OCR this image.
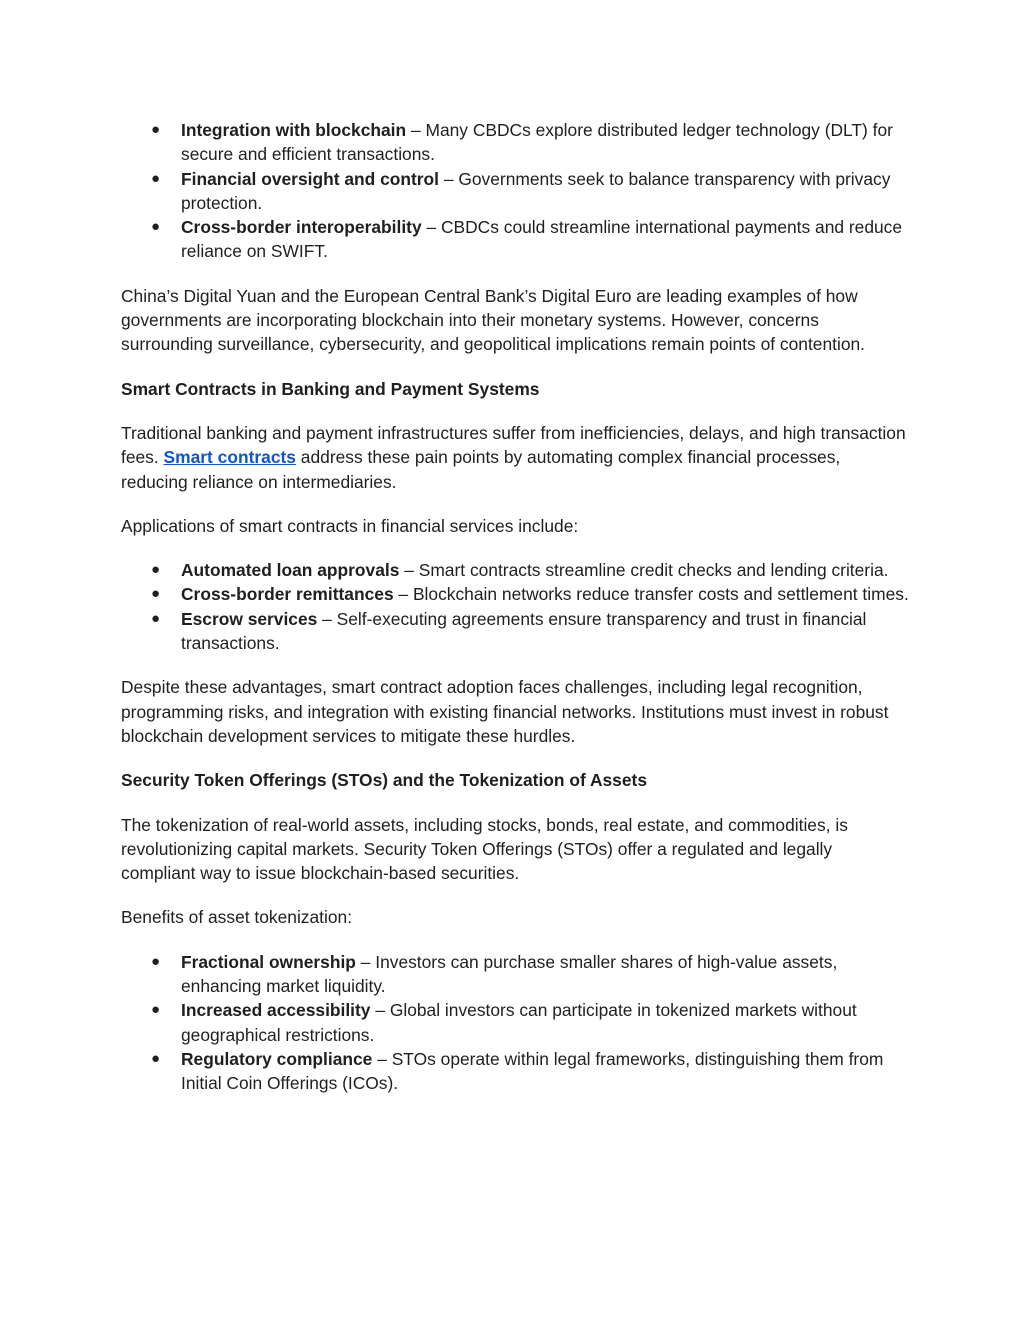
● Integration with blockchain – Many CBDCs explore distributed ledger technology (DLT) for secure and efficient transactions.
● Financial oversight and control – Governments seek to balance transparency with privacy protection.
● Cross-border interoperability – CBDCs could streamline international payments and reduce reliance on SWIFT.

China’s Digital Yuan and the European Central Bank’s Digital Euro are leading examples of how governments are incorporating blockchain into their monetary systems. However, concerns surrounding surveillance, cybersecurity, and geopolitical implications remain points of contention.

Smart Contracts in Banking and Payment Systems

Traditional banking and payment infrastructures suffer from inefficiencies, delays, and high transaction fees. Smart contracts address these pain points by automating complex financial processes, reducing reliance on intermediaries.

Applications of smart contracts in financial services include:

● Automated loan approvals – Smart contracts streamline credit checks and lending criteria.
● Cross-border remittances – Blockchain networks reduce transfer costs and settlement times.
● Escrow services – Self-executing agreements ensure transparency and trust in financial transactions.

Despite these advantages, smart contract adoption faces challenges, including legal recognition, programming risks, and integration with existing financial networks. Institutions must invest in robust blockchain development services to mitigate these hurdles.

Security Token Offerings (STOs) and the Tokenization of Assets

The tokenization of real-world assets, including stocks, bonds, real estate, and commodities, is revolutionizing capital markets. Security Token Offerings (STOs) offer a regulated and legally compliant way to issue blockchain-based securities.

Benefits of asset tokenization:

● Fractional ownership – Investors can purchase smaller shares of high-value assets, enhancing market liquidity.
● Increased accessibility – Global investors can participate in tokenized markets without geographical restrictions.
● Regulatory compliance – STOs operate within legal frameworks, distinguishing them from Initial Coin Offerings (ICOs).
